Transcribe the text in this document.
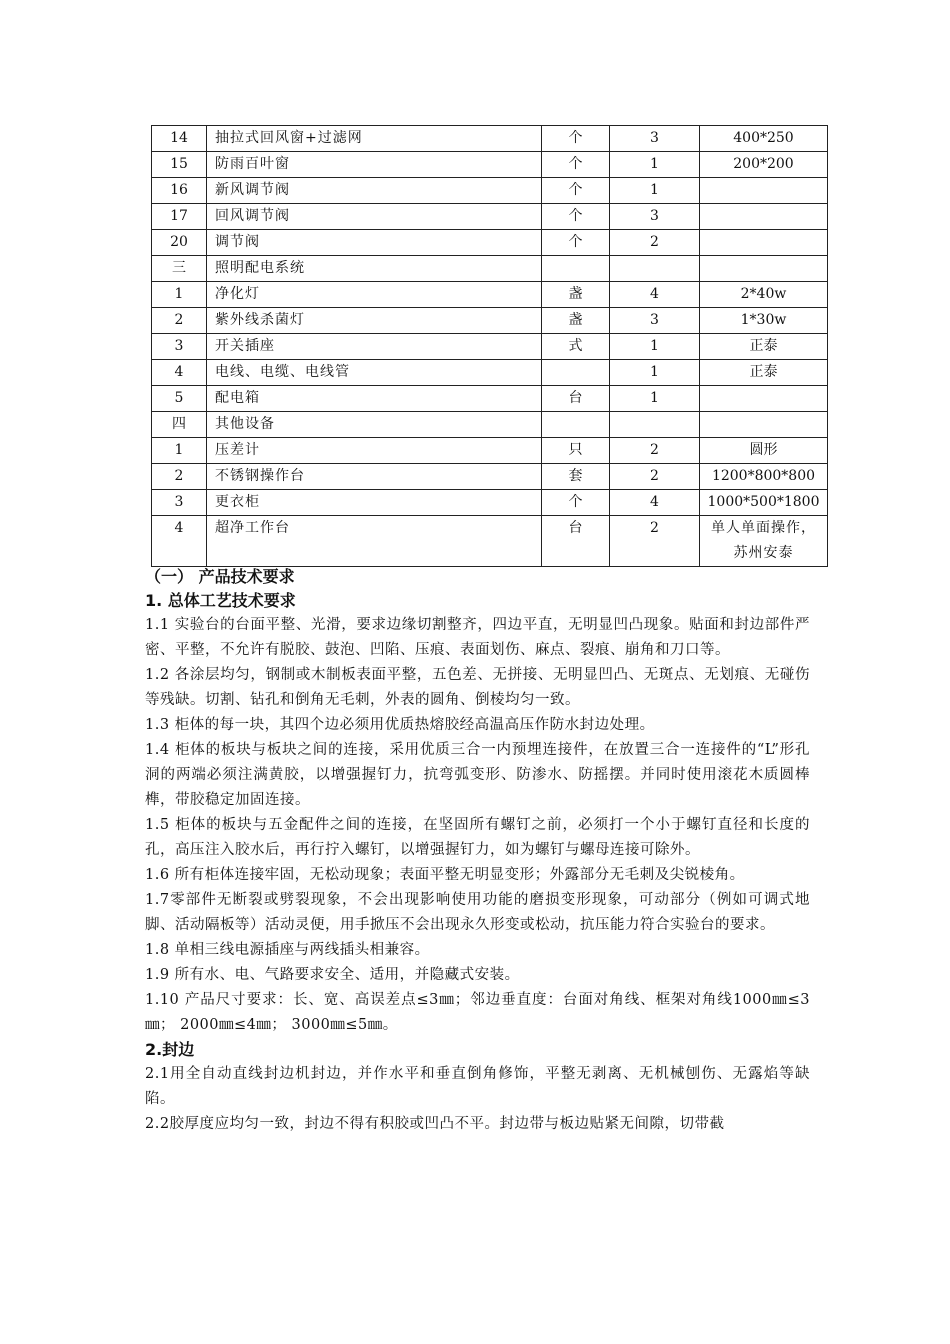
14	抽拉式回风窗+过滤网	个	3	400*250
15	防雨百叶窗	个	1	200*200
16	新风调节阀	个	1	
17	回风调节阀	个	3	
20	调节阀	个	2	
三	照明配电系统			
1	净化灯	盏	4	2*40w
2	紫外线杀菌灯	盏	3	1*30w
3	开关插座	式	1	正泰
4	电线、电缆、电线管		1	正泰
5	配电箱	台	1	
四	其他设备			
1	压差计	只	2	圆形
2	不锈钢操作台	套	2	1200*800*800
3	更衣柜	个	4	1000*500*1800
4	超净工作台	台	2	单人单面操作，苏州安泰

（一） 产品技术要求

1. 总体工艺技术要求

1.1 实验台的台面平整、光滑，要求边缘切割整齐，四边平直，无明显凹凸现象。贴面和封边部件严密、平整，不允许有脱胶、鼓泡、凹陷、压痕、表面划伤、麻点、裂痕、崩角和刀口等。

1.2 各涂层均匀，钢制或木制板表面平整，五色差、无拼接、无明显凹凸、无斑点、无划痕、无碰伤等残缺。切割、钻孔和倒角无毛刺，外表的圆角、倒棱均匀一致。

1.3 柜体的每一块，其四个边必须用优质热熔胶经高温高压作防水封边处理。

1.4 柜体的板块与板块之间的连接，采用优质三合一内预埋连接件，在放置三合一连接件的“L”形孔洞的两端必须注满黄胶，以增强握钉力，抗弯弧变形、防渗水、防摇摆。并同时使用滚花木质圆棒榫，带胶稳定加固连接。

1.5 柜体的板块与五金配件之间的连接，在坚固所有螺钉之前，必须打一个小于螺钉直径和长度的孔，高压注入胶水后，再行拧入螺钉，以增强握钉力，如为螺钉与螺母连接可除外。

1.6 所有柜体连接牢固，无松动现象；表面平整无明显变形；外露部分无毛刺及尖锐棱角。

1.7零部件无断裂或劈裂现象，不会出现影响使用功能的磨损变形现象，可动部分（例如可调式地脚、活动隔板等）活动灵便，用手掀压不会出现永久形变或松动，抗压能力符合实验台的要求。

1.8 单相三线电源插座与两线插头相兼容。

1.9 所有水、电、气路要求安全、适用，并隐藏式安装。

1.10 产品尺寸要求：长、宽、高误差点≤3㎜；邻边垂直度：台面对角线、框架对角线1000㎜≤3㎜； 2000㎜≤4㎜； 3000㎜≤5㎜。

2.封边

2.1用全自动直线封边机封边，并作水平和垂直倒角修饰，平整无剥离、无机械刨伤、无露焰等缺陷。

2.2胶厚度应均匀一致，封边不得有积胶或凹凸不平。封边带与板边贴紧无间隙，切带截
